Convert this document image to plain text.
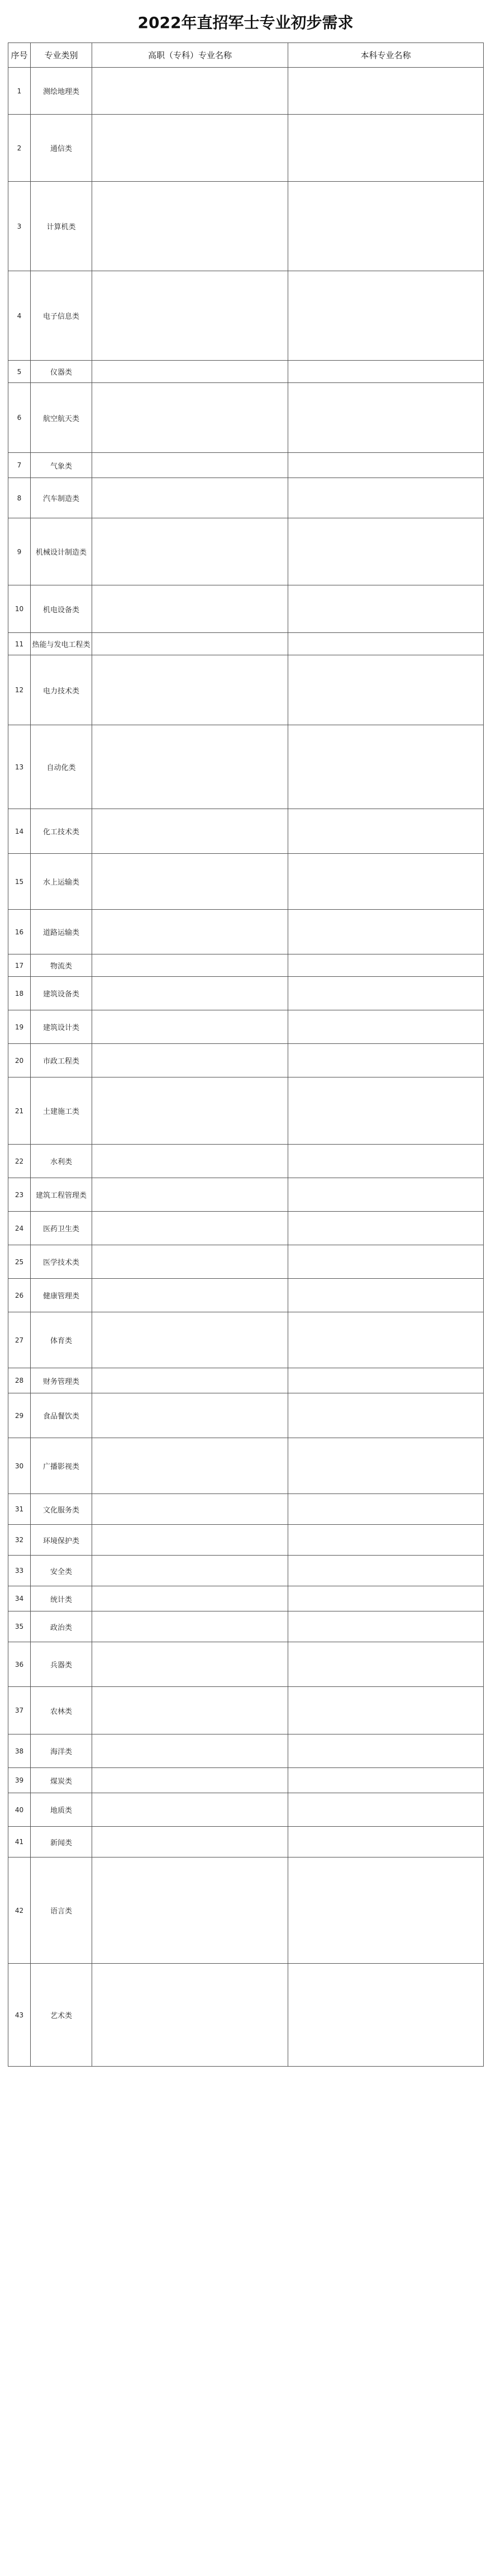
2022年直招军士专业初步需求
序号	专业类别	高职（专科）专业名称	本科专业名称
1	测绘地理类		
2	通信类		
3	计算机类		
4	电子信息类		
5	仪器类		
6	航空航天类		
7	气象类		
8	汽车制造类		
9	机械设计制造类		
10	机电设备类		
11	热能与发电工程类		
12	电力技术类		
13	自动化类		
14	化工技术类		
15	水上运输类		
16	道路运输类		
17	物流类		
18	建筑设备类		
19	建筑设计类		
20	市政工程类		
21	土建施工类		
22	水利类		
23	建筑工程管理类		
24	医药卫生类		
25	医学技术类		
26	健康管理类		
27	体育类		
28	财务管理类		
29	食品餐饮类		
30	广播影视类		
31	文化服务类		
32	环境保护类		
33	安全类		
34	统计类		
35	政治类		
36	兵器类		
37	农林类		
38	海洋类		
39	煤炭类		
40	地质类		
41	新闻类		
42	语言类		
43	艺术类		
